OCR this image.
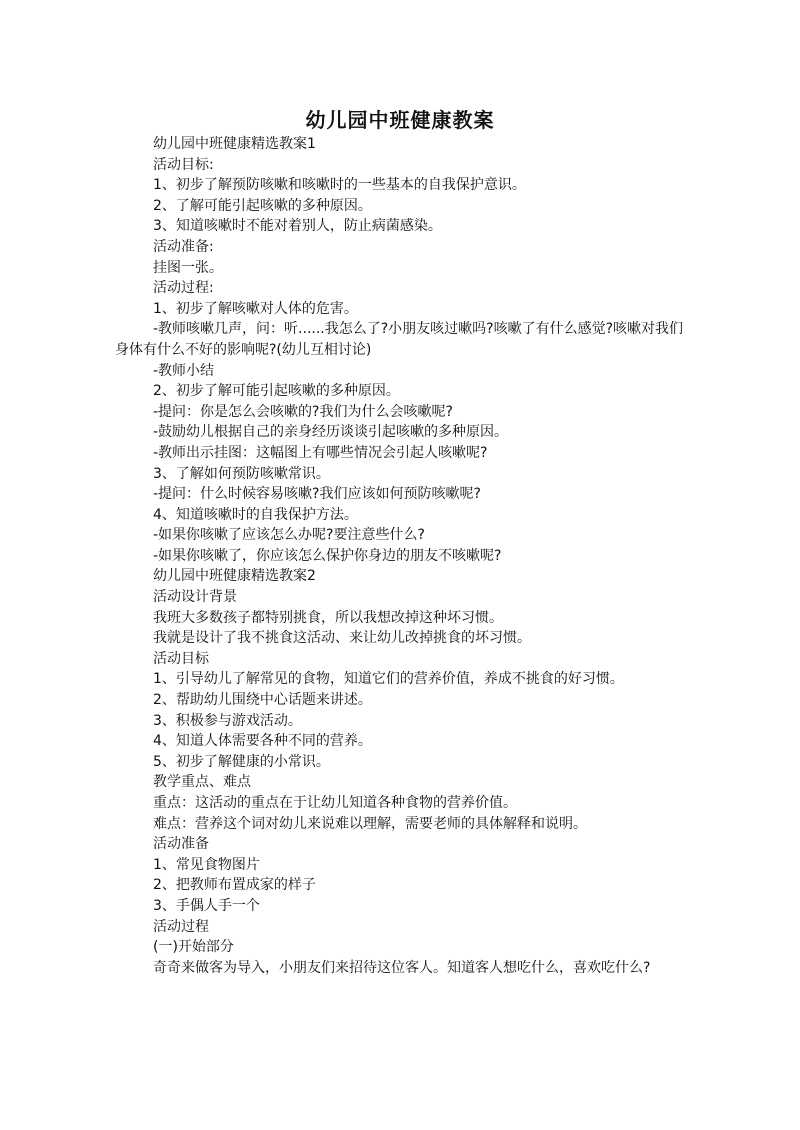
幼儿园中班健康教案

幼儿园中班健康精选教案1

活动目标:

1、初步了解预防咳嗽和咳嗽时的一些基本的自我保护意识。

2、了解可能引起咳嗽的多种原因。

3、知道咳嗽时不能对着别人，防止病菌感染。

活动准备:

挂图一张。

活动过程:

1、初步了解咳嗽对人体的危害。

-教师咳嗽几声，问：听......我怎么了?小朋友咳过嗽吗?咳嗽了有什么感觉?咳嗽对我们身体有什么不好的影响呢?(幼儿互相讨论)

-教师小结

2、初步了解可能引起咳嗽的多种原因。

-提问：你是怎么会咳嗽的?我们为什么会咳嗽呢?

-鼓励幼儿根据自己的亲身经历谈谈引起咳嗽的多种原因。

-教师出示挂图：这幅图上有哪些情况会引起人咳嗽呢?

3、了解如何预防咳嗽常识。

-提问：什么时候容易咳嗽?我们应该如何预防咳嗽呢?

4、知道咳嗽时的自我保护方法。

-如果你咳嗽了应该怎么办呢?要注意些什么?

-如果你咳嗽了，你应该怎么保护你身边的朋友不咳嗽呢?

幼儿园中班健康精选教案2

活动设计背景

我班大多数孩子都特别挑食，所以我想改掉这种坏习惯。

我就是设计了我不挑食这活动、来让幼儿改掉挑食的坏习惯。

活动目标

1、引导幼儿了解常见的食物，知道它们的营养价值，养成不挑食的好习惯。

2、帮助幼儿围绕中心话题来讲述。

3、积极参与游戏活动。

4、知道人体需要各种不同的营养。

5、初步了解健康的小常识。

教学重点、难点

重点：这活动的重点在于让幼儿知道各种食物的营养价值。

难点：营养这个词对幼儿来说难以理解，需要老师的具体解释和说明。

活动准备

1、常见食物图片

2、把教师布置成家的样子

3、手偶人手一个

活动过程

(一)开始部分

奇奇来做客为导入，小朋友们来招待这位客人。知道客人想吃什么，喜欢吃什么?
